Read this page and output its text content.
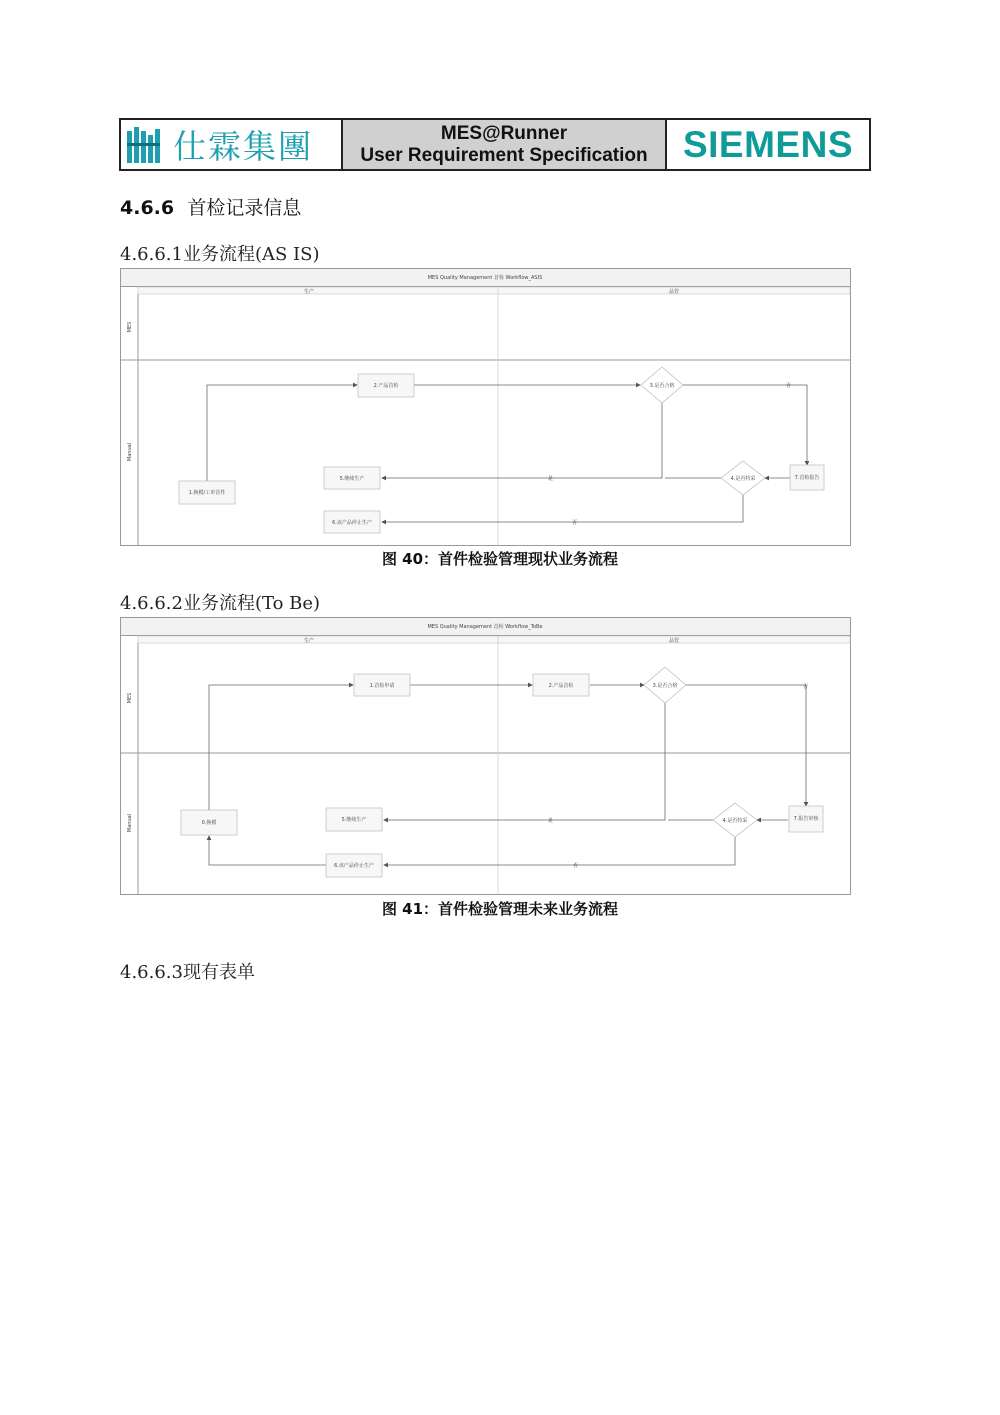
仕霖集團	MES@Runner
User Requirement Specification SIEMENS
4.6.6 首检记录信息
4.6.6.1业务流程(AS IS)
MES Quality Management 首检 Workflow_ASIS
生产	品管
MES
Manual
否
是
否
1.换模/工单首件
2.产品首检	3.是否合格
4.是否特采
5.继续生产
6.该产品停止生产
7.首检报告
图 40：首件检验管理现状业务流程
4.6.6.2业务流程(To Be)
MES Quality Management 首检 Workflow_ToBe
生产	品管
MES
Manual
否
是
否
0.换模
1.首检申请	2.产品首检	3.是否合格
4.是否特采
5.继续生产
6.该产品停止生产
7.报告审核
图 41：首件检验管理未来业务流程
4.6.6.3现有表单
